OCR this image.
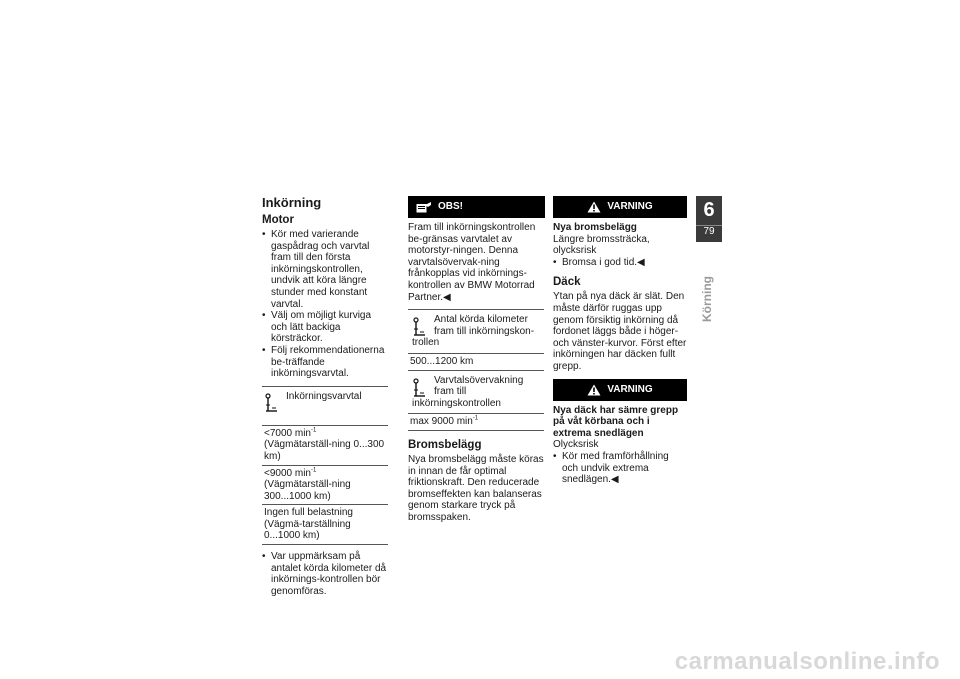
Inkörning
Motor
• Kör med varierande gaspådrag och varvtal fram till den första inkörningskontrollen, undvik att köra längre stunder med konstant varvtal.
• Välj om möjligt kurviga och lätt backiga körsträckor.
• Följ rekommendationerna be-träffande inkörningsvarvtal.
Inkörningsvarvtal
<7000 $\min^{-1}$ (Vägmätarställ-ning 0...300 km)
<9000 $\min^{-1}$ (Vägmätarställ-ning 300...1000 km)
Ingen full belastning (Vägmä-tarställning 0...1000 km)
• Var uppmärksam på antalet körda kilometer då inkörnings-kontrollen bör genomföras.
OBS!

Fram till inkörningskontrollen be-gränsas varvtalet av motorstyr-ningen. Denna varvtalsövervak-ning frånkopplas vid inkörnings-kontrollen av BMW Motorrad Partner.◀

Antal körda kilometer fram till inkörningskon-trollen
500...1200 km
Varvtalsövervakning fram till inkörningskontrollen
max 9000 $\min^{-1}$
Bromsbelägg

Nya bromsbelägg måste köras in innan de får optimal friktionskraft. Den reducerade bromseffekten kan balanseras genom starkare tryck på bromsspaken.

VARNING

Nya bromsbelägg

Längre bromssträcka, olycksrisk

• Bromsa i god tid.◀
Däck

Ytan på nya däck är slät. Den måste därför ruggas upp genom försiktig inkörning då fordonet läggs både i höger- och vänster-kurvor. Först efter inkörningen har däcken fullt grepp.

VARNING

Nya däck har sämre grepp på våt körbana och i extrema snedlägen

Olycksrisk

• Kör med framförhållning och undvik extrema snedlägen.◀
6
79
Körning
carmanualsonline.info
